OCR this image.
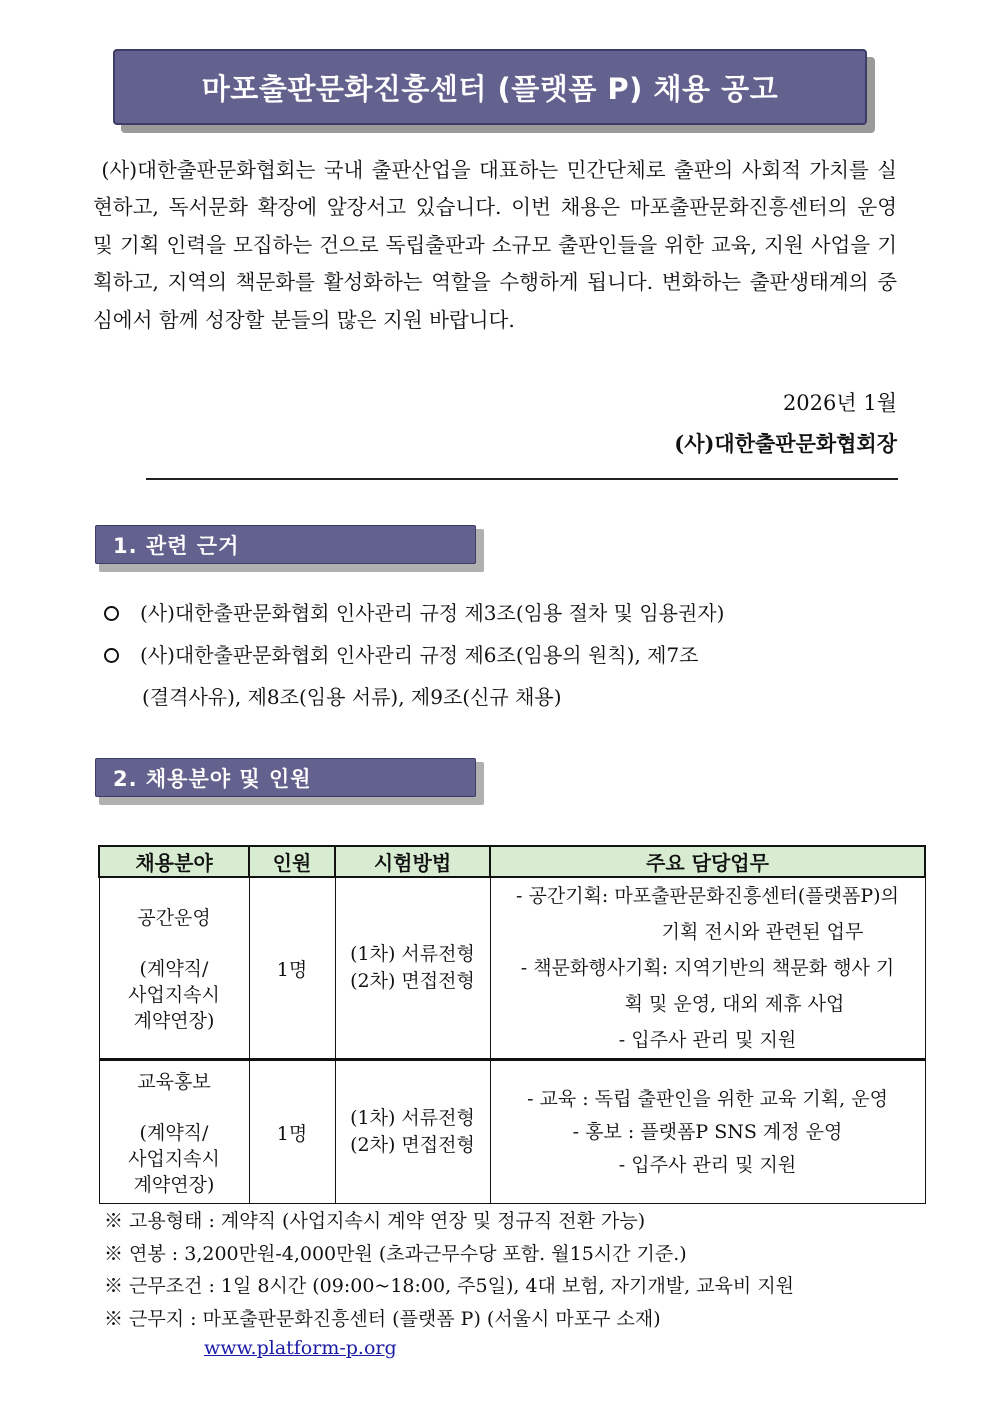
마포출판문화진흥센터 (플랫폼 P) 채용 공고

(사)대한출판문화협회는 국내 출판산업을 대표하는 민간단체로 출판의 사회적 가치를 실현하고, 독서문화 확장에 앞장서고 있습니다. 이번 채용은 마포출판문화진흥센터의 운영 및 기획 인력을 모집하는 건으로 독립출판과 소규모 출판인들을 위한 교육, 지원 사업을 기획하고, 지역의 책문화를 활성화하는 역할을 수행하게 됩니다. 변화하는 출판생태계의 중심에서 함께 성장할 분들의 많은 지원 바랍니다.

2026년 1월
(사)대한출판문화협회장
1. 관련 근거
(사)대한출판문화협회 인사관리 규정 제3조(임용 절차 및 임용권자)
(사)대한출판문화협회 인사관리 규정 제6조(임용의 원칙), 제7조
(결격사유), 제8조(임용 서류), 제9조(신규 채용)
2. 채용분야 및 인원
채용분야	인원	시험방법	주요 담당업무

공간운영
(계약직/
사업지속시
계약연장)	1명	(1차) 서류전형
(2차) 면접전형	- 공간기획: 마포출판문화진흥센터(플랫폼P)의
기획 전시와 관련된 업무
- 책문화행사기획: 지역기반의 책문화 행사 기
획 및 운영, 대외 제휴 사업
- 입주사 관리 및 지원

교육홍보
(계약직/
사업지속시
계약연장)	1명	(1차) 서류전형
(2차) 면접전형	- 교육 : 독립 출판인을 위한 교육 기획, 운영
- 홍보 : 플랫폼P SNS 계정 운영
- 입주사 관리 및 지원
※ 고용형태 : 계약직 (사업지속시 계약 연장 및 정규직 전환 가능)
※ 연봉 : 3,200만원-4,000만원 (초과근무수당 포함. 월15시간 기준.)
※ 근무조건 : 1일 8시간 (09:00~18:00, 주5일), 4대 보험, 자기개발, 교육비 지원
※ 근무지 : 마포출판문화진흥센터 (플랫폼 P) (서울시 마포구 소재)
www.platform-p.org
